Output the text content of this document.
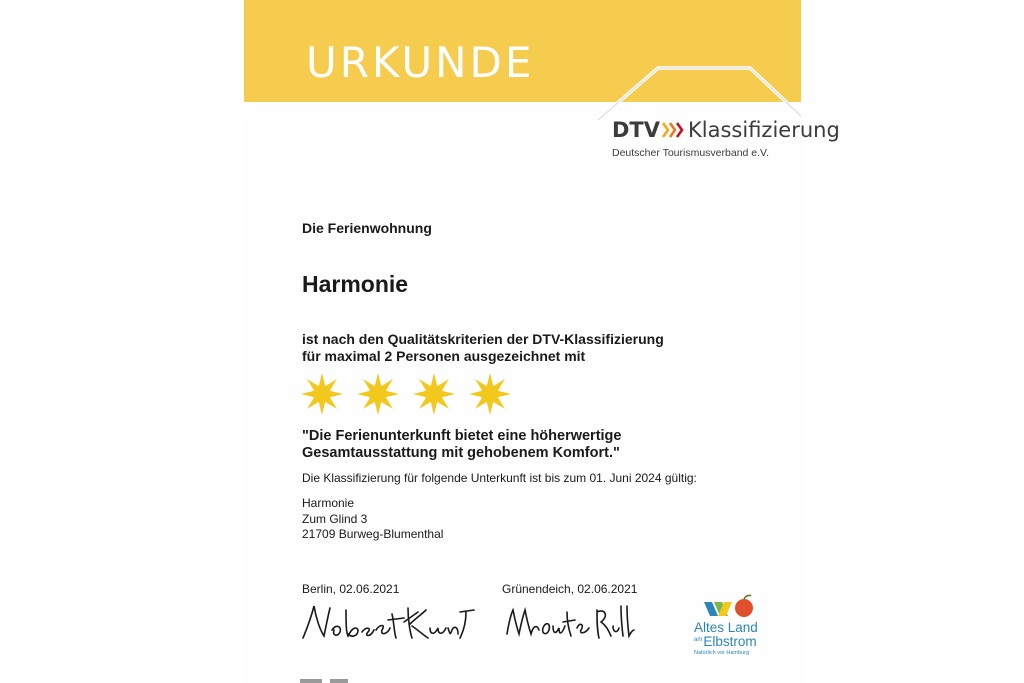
URKUNDE
DTV Klassifizierung
Deutscher Tourismusverband e.V.
Die Ferienwohnung
Harmonie
ist nach den Qualitätskriterien der DTV-Klassifizierung
für maximal 2 Personen ausgezeichnet mit
"Die Ferienunterkunft bietet eine höherwertige
Gesamtausstattung mit gehobenem Komfort."
Die Klassifizierung für folgende Unterkunft ist bis zum 01. Juni 2024 gültig:
Harmonie
Zum Glind 3
21709 Burweg-Blumenthal
Berlin, 02.06.2021	Grünendeich, 02.06.2021
Altes Land
$^{am}$Elbstrom
Natürlich vor Hamburg
